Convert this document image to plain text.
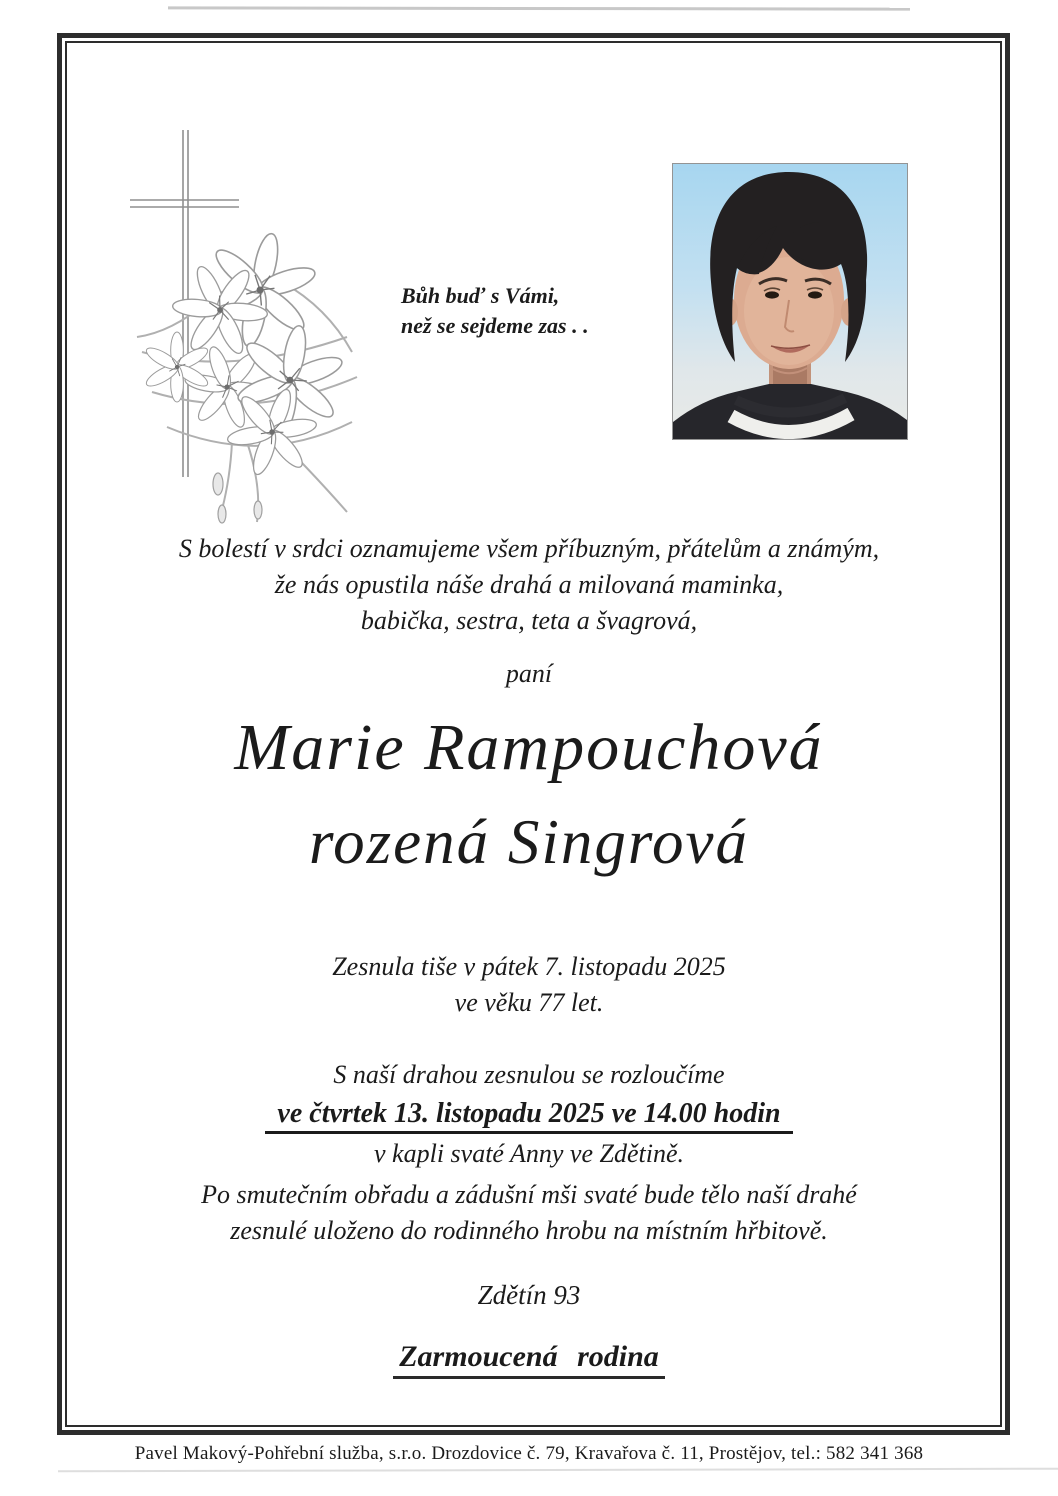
Bůh buď s Vámi,
než se sejdeme zas . .
S bolestí v srdci oznamujeme všem příbuzným, přátelům a známým,
že nás opustila náše drahá a milovaná maminka,
babička, sestra, teta a švagrová,
paní
Marie Rampouchová
rozená Singrová
Zesnula tiše v pátek 7. listopadu 2025
ve věku 77 let.
S naší drahou zesnulou se rozloučíme
ve čtvrtek 13. listopadu 2025 ve 14.00 hodin
v kapli svaté Anny ve Zdětině.
Po smutečním obřadu a zádušní mši svaté bude tělo naší drahé
zesnulé uloženo do rodinného hrobu na místním hřbitově.
Zdětín 93
Zarmoucená rodina
Pavel Makový-Pohřební služba, s.r.o. Drozdovice č. 79, Kravařova č. 11, Prostějov, tel.: 582 341 368
